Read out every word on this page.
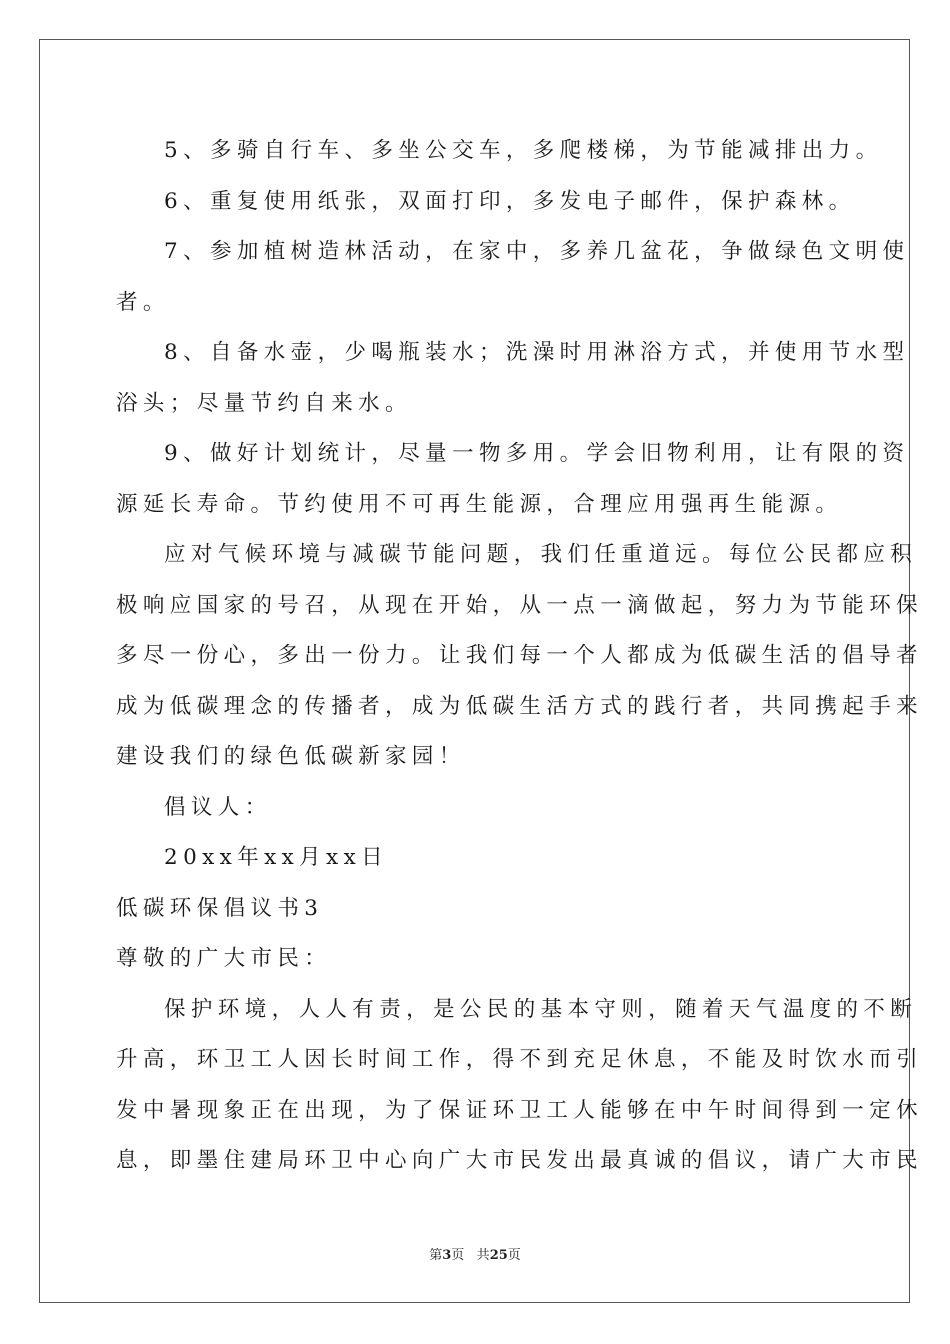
5、多骑自行车、多坐公交车，多爬楼梯，为节能减排出力。
6、重复使用纸张，双面打印，多发电子邮件，保护森林。
7、参加植树造林活动，在家中，多养几盆花，争做绿色文明使
者。
8、自备水壶，少喝瓶装水；洗澡时用淋浴方式，并使用节水型
浴头；尽量节约自来水。
9、做好计划统计，尽量一物多用。学会旧物利用，让有限的资
源延长寿命。节约使用不可再生能源，合理应用强再生能源。
应对气候环境与减碳节能问题，我们任重道远。每位公民都应积
极响应国家的号召，从现在开始，从一点一滴做起，努力为节能环保
多尽一份心，多出一份力。让我们每一个人都成为低碳生活的倡导者
成为低碳理念的传播者，成为低碳生活方式的践行者，共同携起手来
建设我们的绿色低碳新家园！
倡议人：
20xx年xx月xx日
低碳环保倡议书3
尊敬的广大市民：
保护环境，人人有责，是公民的基本守则，随着天气温度的不断
升高，环卫工人因长时间工作，得不到充足休息，不能及时饮水而引
发中暑现象正在出现，为了保证环卫工人能够在中午时间得到一定休
息，即墨住建局环卫中心向广大市民发出最真诚的倡议，请广大市民
第3页 共25页
